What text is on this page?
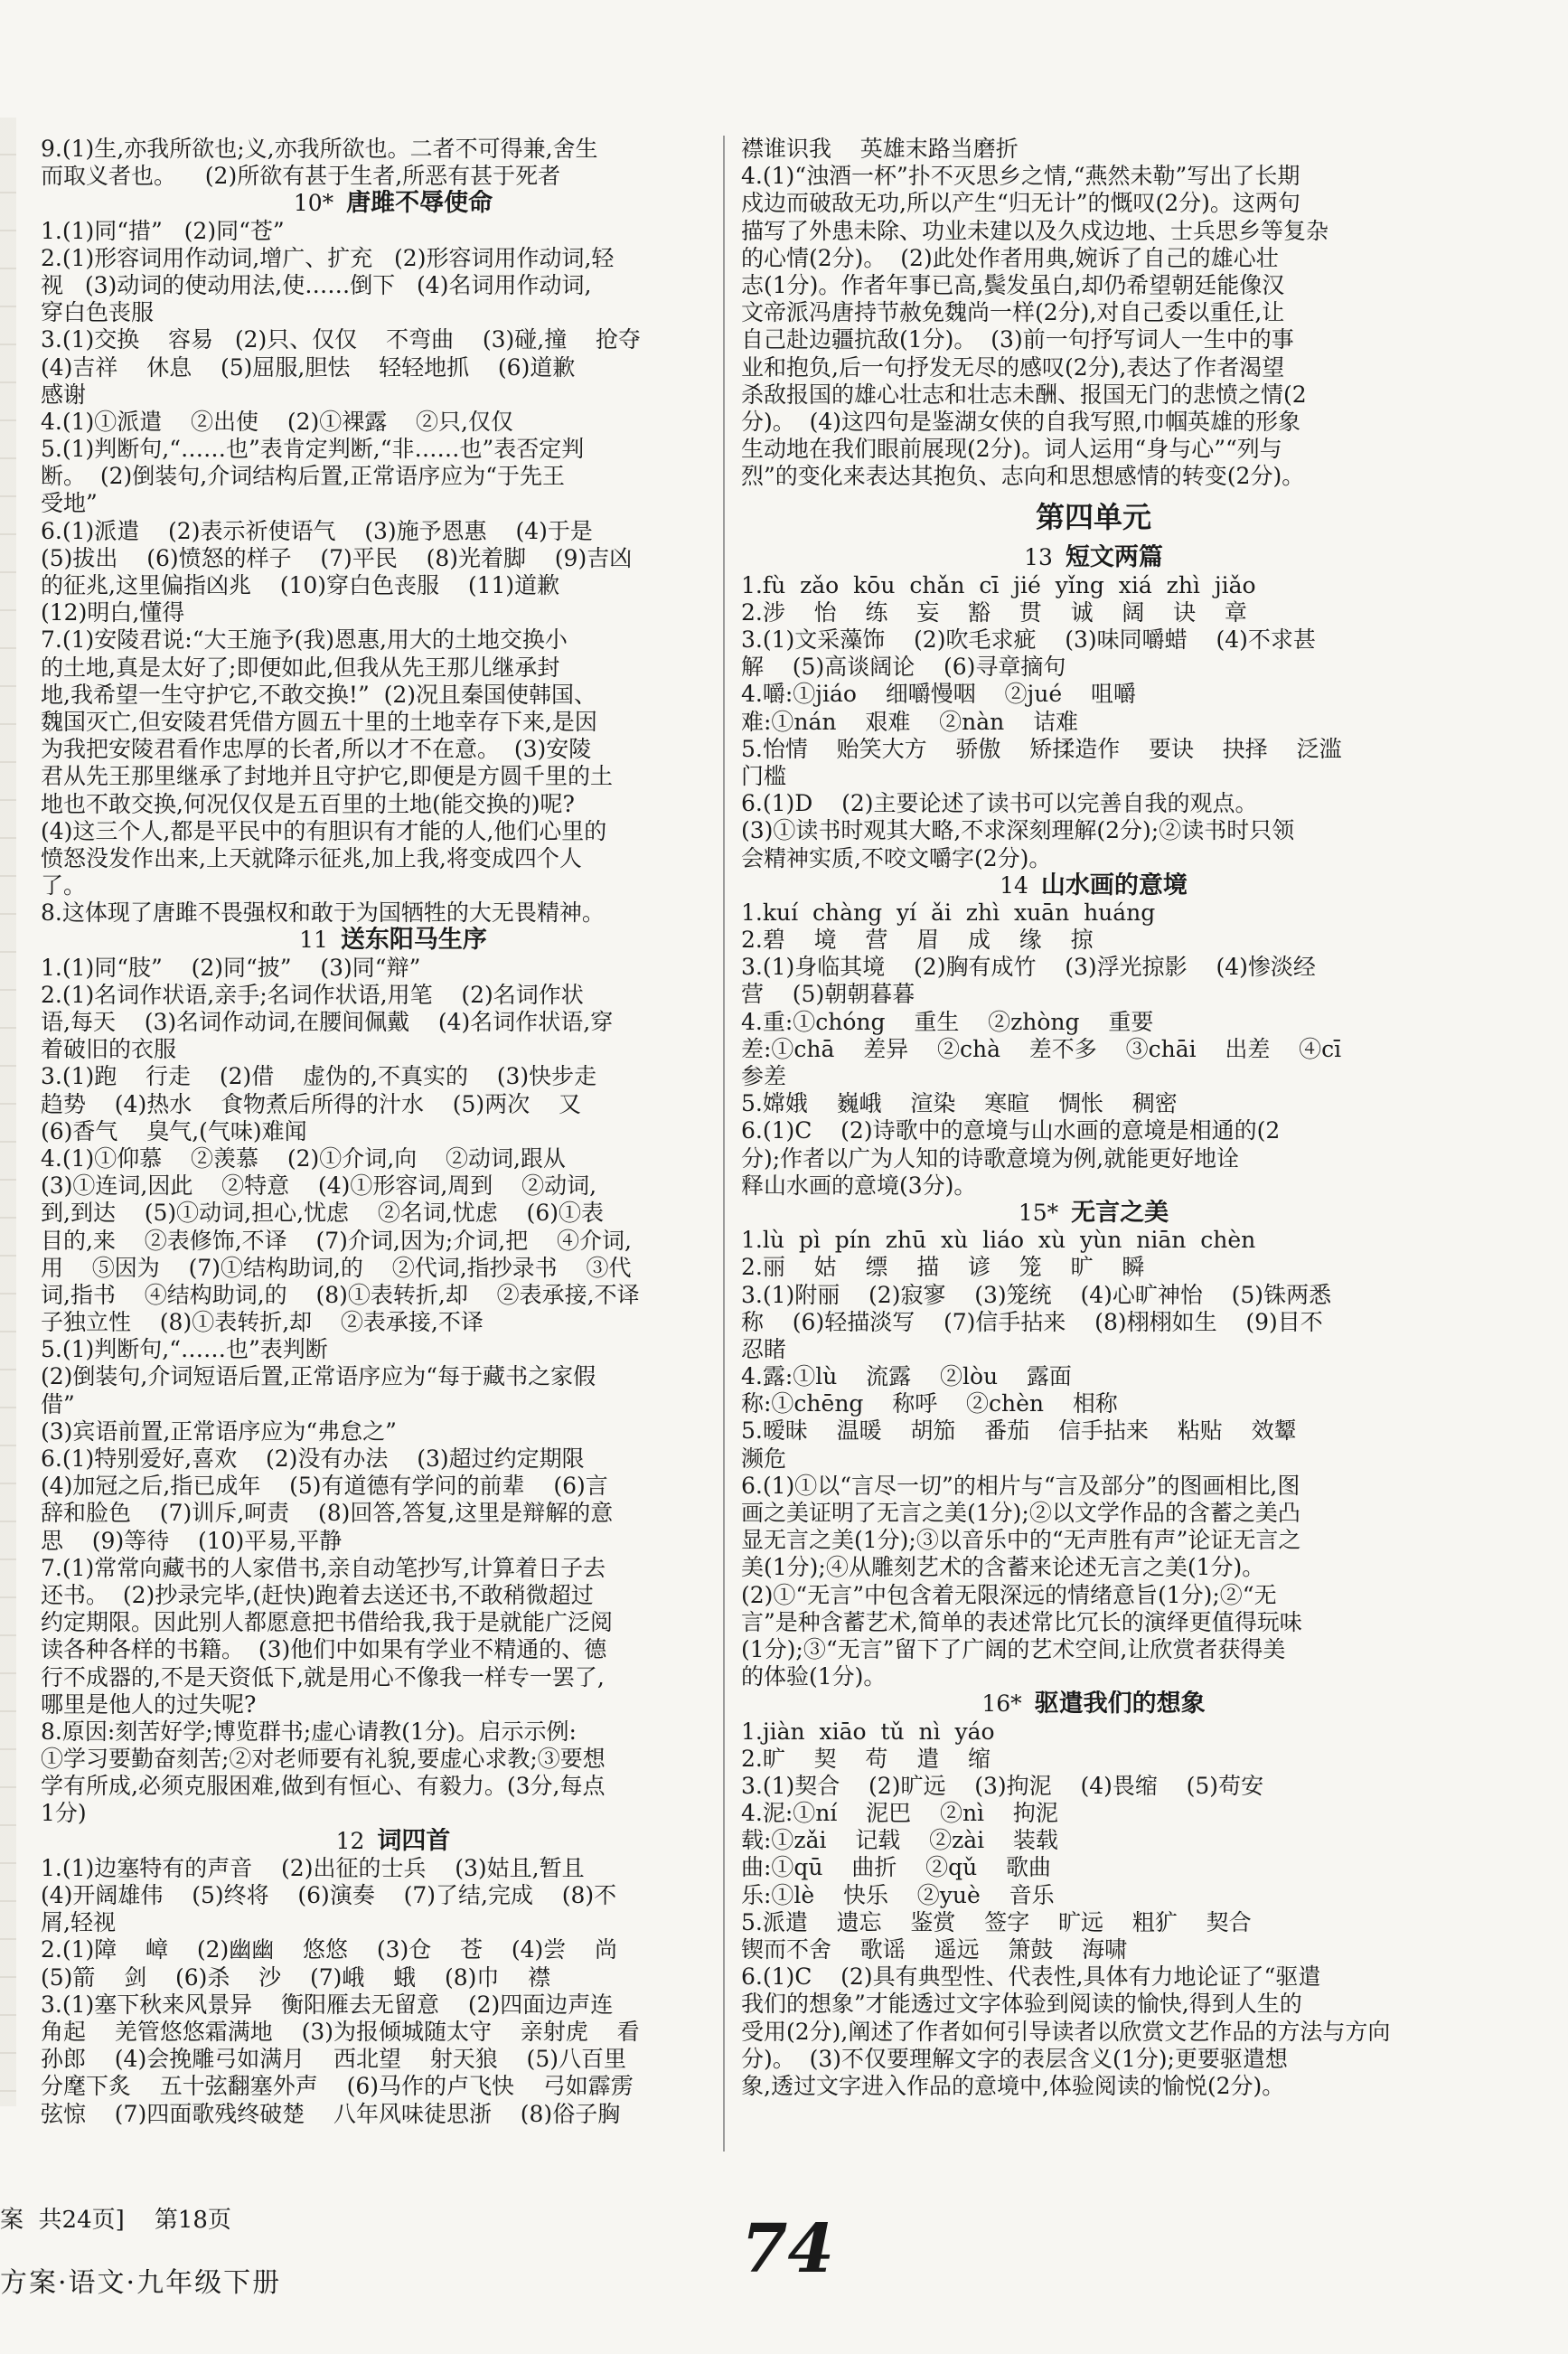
9.(1)生,亦我所欲也;义,亦我所欲也。二者不可得兼,舍生
而取义者也。    (2)所欲有甚于生者,所恶有甚于死者
10* 唐雎不辱使命
1.(1)同“措”   (2)同“苍”
2.(1)形容词用作动词,增广、扩充   (2)形容词用作动词,轻
视   (3)动词的使动用法,使……倒下   (4)名词用作动词,
穿白色丧服
3.(1)交换    容易   (2)只、仅仅    不弯曲    (3)碰,撞    抢夺
(4)吉祥    休息    (5)屈服,胆怯    轻轻地抓    (6)道歉
感谢
4.(1)①派遣    ②出使    (2)①裸露    ②只,仅仅
5.(1)判断句,“……也”表肯定判断,“非……也”表否定判
断。  (2)倒装句,介词结构后置,正常语序应为“于先王
受地”
6.(1)派遣    (2)表示祈使语气    (3)施予恩惠    (4)于是
(5)拔出    (6)愤怒的样子    (7)平民    (8)光着脚    (9)吉凶
的征兆,这里偏指凶兆    (10)穿白色丧服    (11)道歉
(12)明白,懂得
7.(1)安陵君说:“大王施予(我)恩惠,用大的土地交换小
的土地,真是太好了;即便如此,但我从先王那儿继承封
地,我希望一生守护它,不敢交换!”  (2)况且秦国使韩国、
魏国灭亡,但安陵君凭借方圆五十里的土地幸存下来,是因
为我把安陵君看作忠厚的长者,所以才不在意。  (3)安陵
君从先王那里继承了封地并且守护它,即便是方圆千里的土
地也不敢交换,何况仅仅是五百里的土地(能交换的)呢?
(4)这三个人,都是平民中的有胆识有才能的人,他们心里的
愤怒没发作出来,上天就降示征兆,加上我,将变成四个人
了。
8.这体现了唐雎不畏强权和敢于为国牺牲的大无畏精神。
11 送东阳马生序
1.(1)同“肢”    (2)同“披”    (3)同“辩”
2.(1)名词作状语,亲手;名词作状语,用笔    (2)名词作状
语,每天    (3)名词作动词,在腰间佩戴    (4)名词作状语,穿
着破旧的衣服
3.(1)跑    行走    (2)借    虚伪的,不真实的    (3)快步走
趋势    (4)热水    食物煮后所得的汁水    (5)两次    又
(6)香气    臭气,(气味)难闻
4.(1)①仰慕    ②羡慕    (2)①介词,向    ②动词,跟从
(3)①连词,因此    ②特意    (4)①形容词,周到    ②动词,
到,到达    (5)①动词,担心,忧虑    ②名词,忧虑    (6)①表
目的,来    ②表修饰,不译    (7)介词,因为;介词,把    ④介词,
用    ⑤因为    (7)①结构助词,的    ②代词,指抄录书    ③代
词,指书    ④结构助词,的    (8)①表转折,却    ②表承接,不译
子独立性    (8)①表转折,却    ②表承接,不译
5.(1)判断句,“……也”表判断
(2)倒装句,介词短语后置,正常语序应为“每于藏书之家假
借”
(3)宾语前置,正常语序应为“弗怠之”
6.(1)特别爱好,喜欢    (2)没有办法    (3)超过约定期限
(4)加冠之后,指已成年    (5)有道德有学问的前辈    (6)言
辞和脸色    (7)训斥,呵责    (8)回答,答复,这里是辩解的意
思    (9)等待    (10)平易,平静
7.(1)常常向藏书的人家借书,亲自动笔抄写,计算着日子去
还书。  (2)抄录完毕,(赶快)跑着去送还书,不敢稍微超过
约定期限。因此别人都愿意把书借给我,我于是就能广泛阅
读各种各样的书籍。  (3)他们中如果有学业不精通的、德
行不成器的,不是天资低下,就是用心不像我一样专一罢了,
哪里是他人的过失呢?
8.原因:刻苦好学;博览群书;虚心请教(1分)。启示示例:
①学习要勤奋刻苦;②对老师要有礼貌,要虚心求教;③要想
学有所成,必须克服困难,做到有恒心、有毅力。(3分,每点
1分)
12 词四首
1.(1)边塞特有的声音    (2)出征的士兵    (3)姑且,暂且
(4)开阔雄伟    (5)终将    (6)演奏    (7)了结,完成    (8)不
屑,轻视
2.(1)障    嶂    (2)幽幽    悠悠    (3)仓    苍    (4)尝    尚
(5)箭    剑    (6)杀    沙    (7)峨    蛾    (8)巾    襟
3.(1)塞下秋来风景异    衡阳雁去无留意    (2)四面边声连
角起    羌管悠悠霜满地    (3)为报倾城随太守    亲射虎    看
孙郎    (4)会挽雕弓如满月    西北望    射天狼    (5)八百里
分麾下炙    五十弦翻塞外声    (6)马作的卢飞快    弓如霹雳
弦惊    (7)四面歌残终破楚    八年风味徒思浙    (8)俗子胸
襟谁识我    英雄末路当磨折
4.(1)“浊酒一杯”扑不灭思乡之情,“燕然未勒”写出了长期
戍边而破敌无功,所以产生“归无计”的慨叹(2分)。这两句
描写了外患未除、功业未建以及久戍边地、士兵思乡等复杂
的心情(2分)。  (2)此处作者用典,婉诉了自己的雄心壮
志(1分)。作者年事已高,鬓发虽白,却仍希望朝廷能像汉
文帝派冯唐持节赦免魏尚一样(2分),对自己委以重任,让
自己赴边疆抗敌(1分)。  (3)前一句抒写词人一生中的事
业和抱负,后一句抒发无尽的感叹(2分),表达了作者渴望
杀敌报国的雄心壮志和壮志未酬、报国无门的悲愤之情(2
分)。  (4)这四句是鉴湖女侠的自我写照,巾帼英雄的形象
生动地在我们眼前展现(2分)。词人运用“身与心”“列与
烈”的变化来表达其抱负、志向和思想感情的转变(2分)。
第四单元
13 短文两篇
1.fù  zǎo  kōu  chǎn  cī  jié  yǐng  xiá  zhì  jiǎo
2.涉    怡    练    妄    豁    贯    诚    阔    诀    章
3.(1)文采藻饰    (2)吹毛求疵    (3)味同嚼蜡    (4)不求甚
解    (5)高谈阔论    (6)寻章摘句
4.嚼:①jiáo    细嚼慢咽    ②jué    咀嚼
难:①nán    艰难    ②nàn    诘难
5.怡情    贻笑大方    骄傲    矫揉造作    要诀    抉择    泛滥
门槛
6.(1)D    (2)主要论述了读书可以完善自我的观点。
(3)①读书时观其大略,不求深刻理解(2分);②读书时只领
会精神实质,不咬文嚼字(2分)。
14 山水画的意境
1.kuí  chàng  yí  ǎi  zhì  xuān  huáng
2.碧    境    营    眉    成    缘    掠
3.(1)身临其境    (2)胸有成竹    (3)浮光掠影    (4)惨淡经
营    (5)朝朝暮暮
4.重:①chóng    重生    ②zhòng    重要
差:①chā    差异    ②chà    差不多    ③chāi    出差    ④cī
参差
5.嫦娥    巍峨    渲染    寒暄    惆怅    稠密
6.(1)C    (2)诗歌中的意境与山水画的意境是相通的(2
分);作者以广为人知的诗歌意境为例,就能更好地诠
释山水画的意境(3分)。
15* 无言之美
1.lù  pì  pín  zhū  xù  liáo  xù  yùn  niān  chèn
2.丽    姑    缥    描    谚    笼    旷    瞬
3.(1)附丽    (2)寂寥    (3)笼统    (4)心旷神怡    (5)铢两悉
称    (6)轻描淡写    (7)信手拈来    (8)栩栩如生    (9)目不
忍睹
4.露:①lù    流露    ②lòu    露面
称:①chēng    称呼    ②chèn    相称
5.暧昧    温暖    胡笳    番茄    信手拈来    粘贴    效颦
濒危
6.(1)①以“言尽一切”的相片与“言及部分”的图画相比,图
画之美证明了无言之美(1分);②以文学作品的含蓄之美凸
显无言之美(1分);③以音乐中的“无声胜有声”论证无言之
美(1分);④从雕刻艺术的含蓄来论述无言之美(1分)。
(2)①“无言”中包含着无限深远的情绪意旨(1分);②“无
言”是种含蓄艺术,简单的表述常比冗长的演绎更值得玩味
(1分);③“无言”留下了广阔的艺术空间,让欣赏者获得美
的体验(1分)。
16* 驱遣我们的想象
1.jiàn  xiāo  tǔ  nì  yáo
2.旷    契    苟    遣    缩
3.(1)契合    (2)旷远    (3)拘泥    (4)畏缩    (5)苟安
4.泥:①ní    泥巴    ②nì    拘泥
载:①zǎi    记载    ②zài    装载
曲:①qū    曲折    ②qǔ    歌曲
乐:①lè    快乐    ②yuè    音乐
5.派遣    遗忘    鉴赏    签字    旷远    粗犷    契合
锲而不舍    歌谣    遥远    箫鼓    海啸
6.(1)C    (2)具有典型性、代表性,具体有力地论证了“驱遣
我们的想象”才能透过文字体验到阅读的愉快,得到人生的
受用(2分),阐述了作者如何引导读者以欣赏文艺作品的方法与方向
分)。  (3)不仅要理解文字的表层含义(1分);更要驱遣想
象,透过文字进入作品的意境中,体验阅读的愉悦(2分)。
案  共24页]    第18页
方案·语文·九年级下册	74
